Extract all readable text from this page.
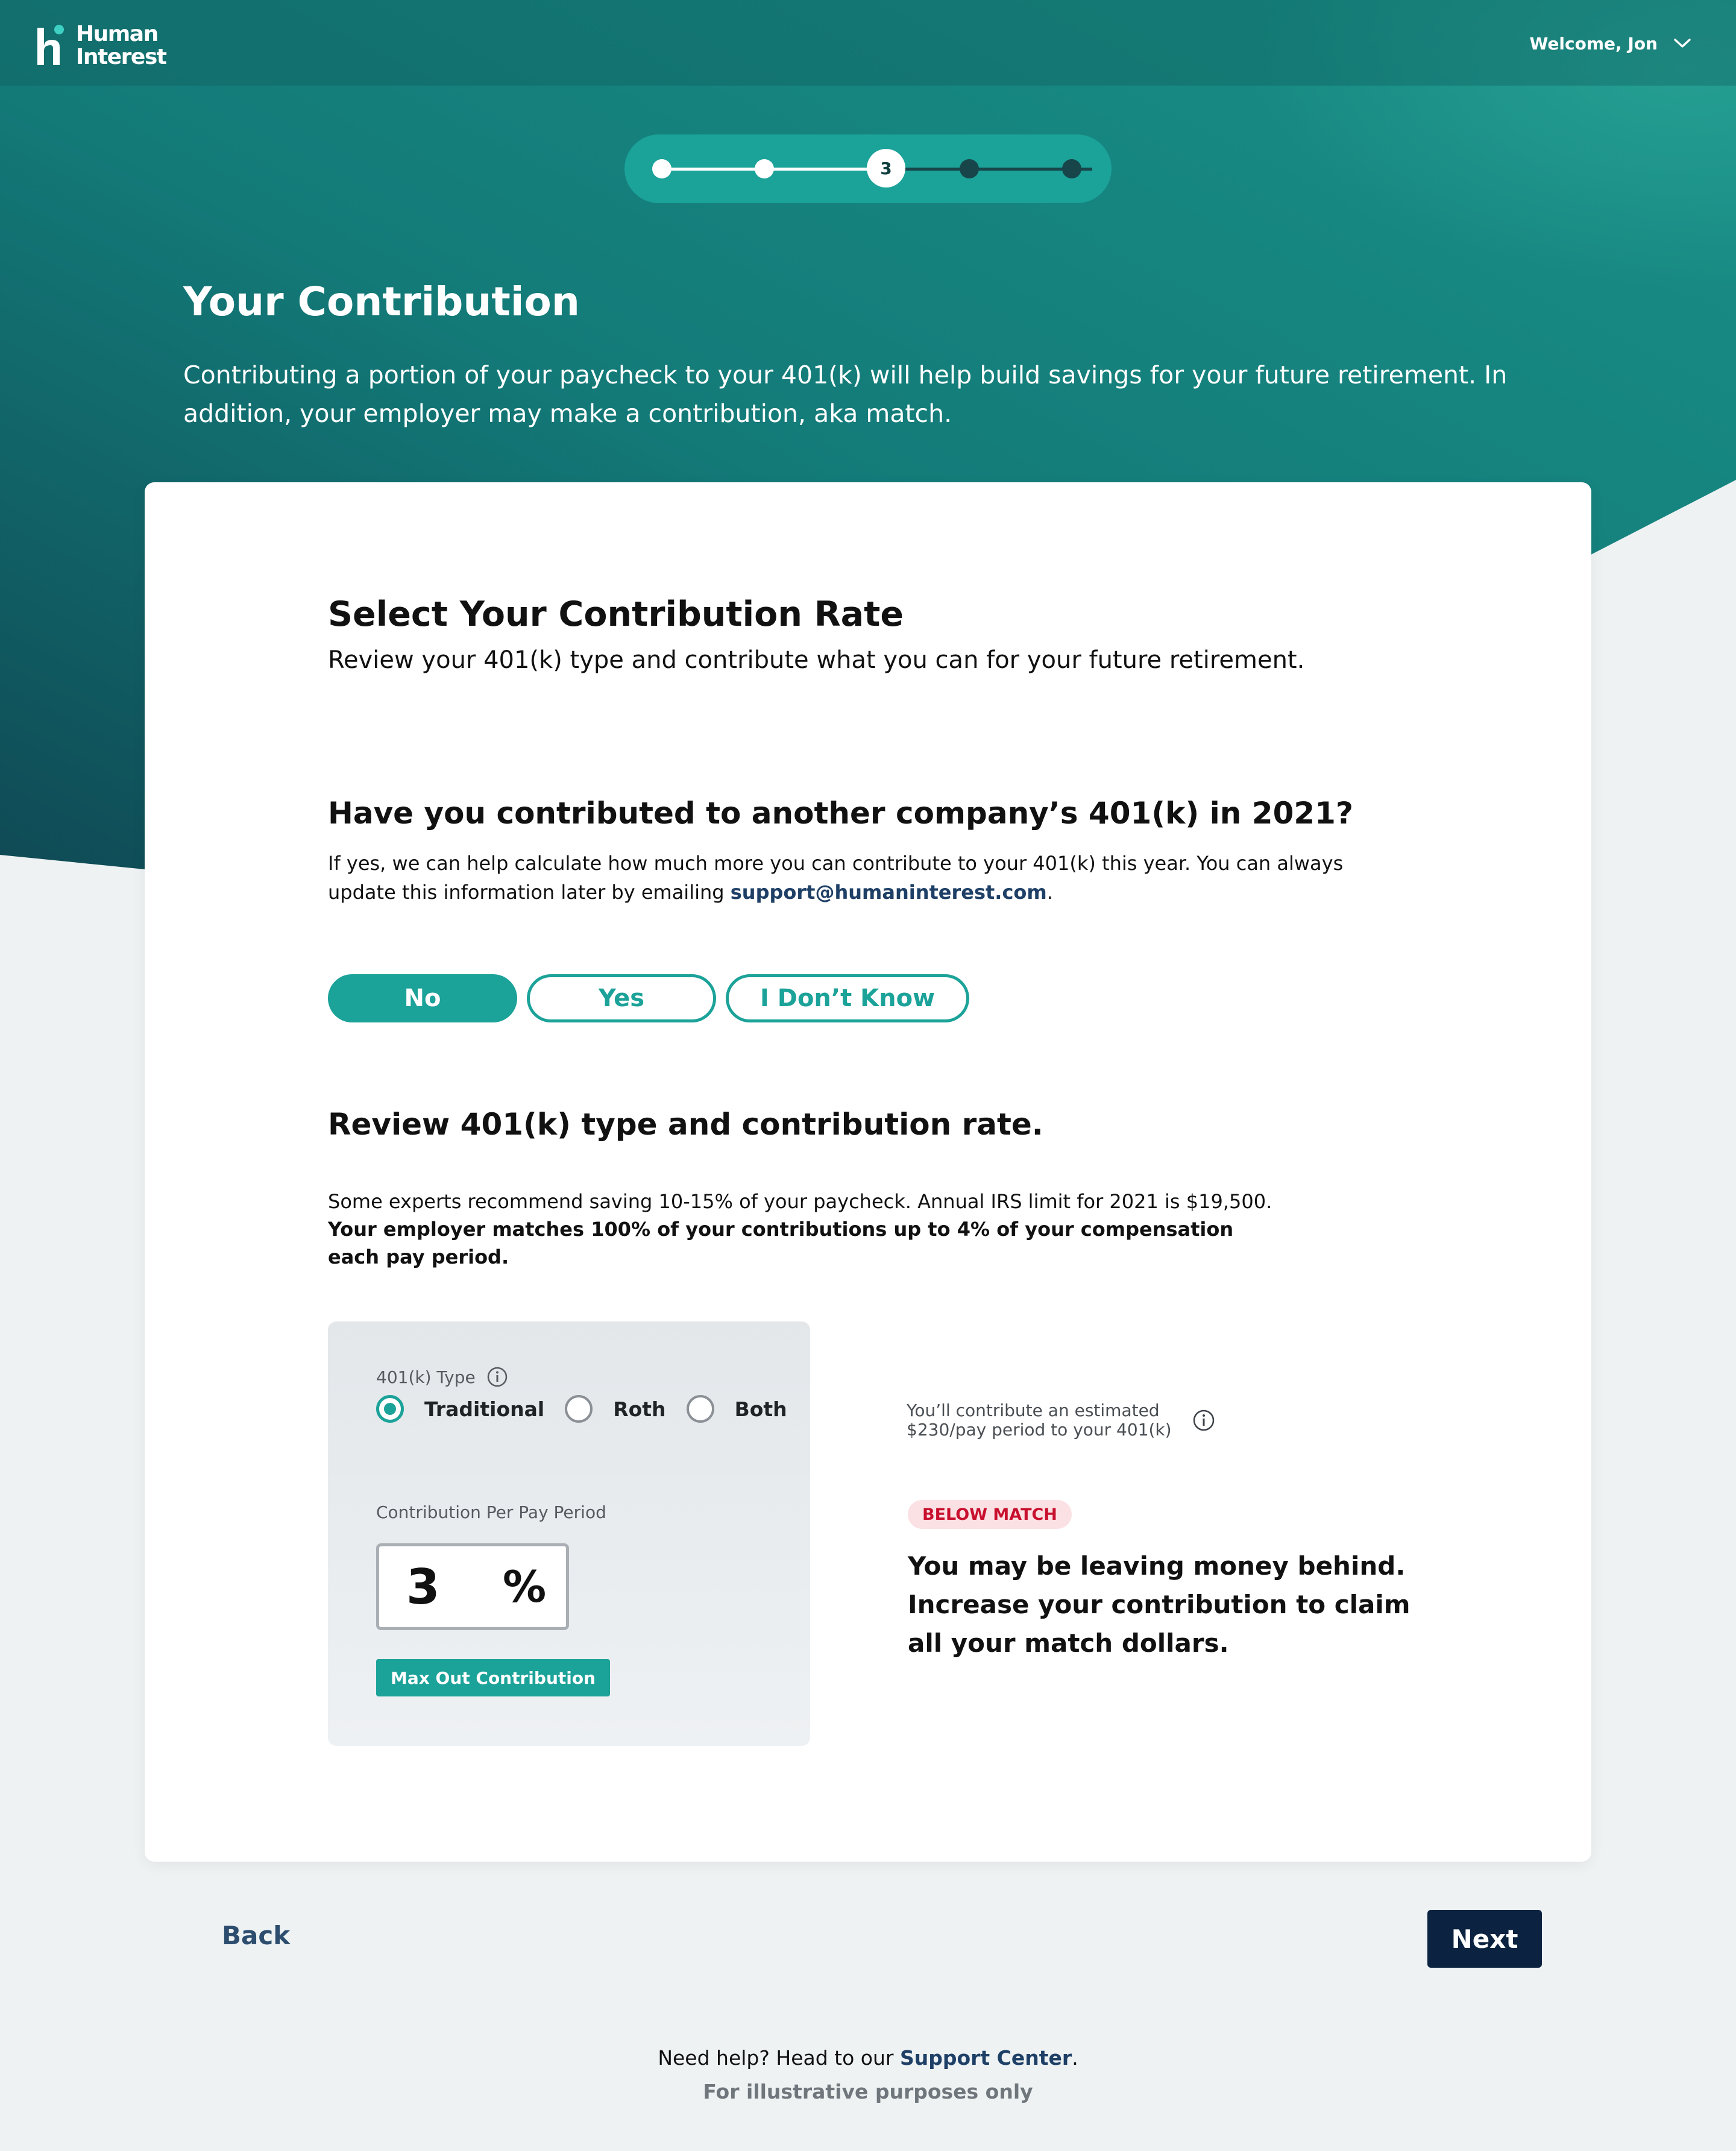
Human
Interest
Welcome, Jon
3
Your Contribution

Contributing a portion of your paycheck to your 401(k) will help build savings for your future retirement. In addition, your employer may make a contribution, aka match.

Select Your Contribution Rate

Review your 401(k) type and contribute what you can for your future retirement.

Have you contributed to another company’s 401(k) in 2021?

If yes, we can help calculate how much more you can contribute to your 401(k) this year. You can always update this information later by emailing support@humaninterest.com.

No	Yes	I Don’t Know
Review 401(k) type and contribution rate.

Some experts recommend saving 10-15% of your paycheck. Annual IRS limit for 2021 is $19,500.
Your employer matches 100% of your contributions up to 4% of your compensation each pay period.

401(k) Type
Traditional	Roth	Both
Contribution Per Pay Period
3 %
Max Out Contribution
You’ll contribute an estimated
$230/pay period to your 401(k)
BELOW MATCH

You may be leaving money behind.
Increase your contribution to claim
all your match dollars.

Back	Next
Need help? Head to our Support Center.
For illustrative purposes only
